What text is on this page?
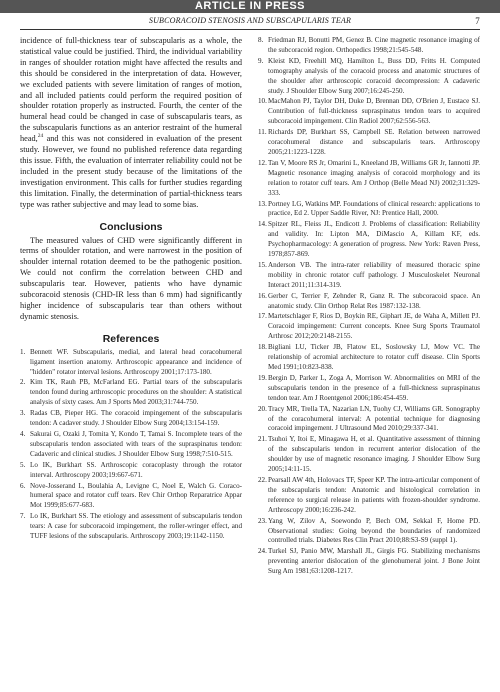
ARTICLE IN PRESS
SUBCORACOID STENOSIS AND SUBSCAPULARIS TEAR	7

incidence of full-thickness tear of subscapularis as a whole, the statistical value could be justified. Third, the individual variability in ranges of shoulder rotation might have affected the results and this should be considered in the interpretation of data. However, we excluded patients with severe limitation of ranges of motion, and all included patients could perform the required position of shoulder rotation properly as instructed. Fourth, the center of the humeral head could be changed in case of subscapularis tears, as the subscapularis functions as an anterior restraint of the humeral head,$^{24}$ and this was not considered in evaluation of the present study. However, we found no published reference data regarding this issue. Fifth, the evaluation of interrater reliability could not be included in the present study because of the limitations of the investigation environment. This calls for further studies regarding this limitation. Finally, the determination of partial-thickness tears type was rather subjective and may lead to some bias.

Conclusions

The measured values of CHD were significantly different in terms of shoulder rotation, and were narrowest in the position of shoulder internal rotation deemed to be the pathogenic position. We could not confirm the correlation between CHD and subscapularis tear. However, patients who have dynamic subcoracoid stenosis (CHD-IR less than 6 mm) had significantly higher incidence of subscapularis tear than others without dynamic stenosis.

References
1. Bennett WF. Subscapularis, medial, and lateral head coracohumeral ligament insertion anatomy. Arthroscopic appearance and incidence of "hidden" rotator interval lesions. Arthroscopy 2001;17:173-180.
2. Kim TK, Rauh PB, McFarland EG. Partial tears of the subscapularis tendon found during arthroscopic procedures on the shoulder: A statistical analysis of sixty cases. Am J Sports Med 2003;31:744-750.
3. Radas CB, Pieper HG. The coracoid impingement of the subscapularis tendon: A cadaver study. J Shoulder Elbow Surg 2004;13:154-159.
4. Sakurai G, Ozaki J, Tomita Y, Kondo T, Tamai S. Incomplete tears of the subscapularis tendon associated with tears of the supraspinatus tendon: Cadaveric and clinical studies. J Shoulder Elbow Surg 1998;7:510-515.
5. Lo IK, Burkhart SS. Arthroscopic coracoplasty through the rotator interval. Arthroscopy 2003;19:667-671.
6. Nove-Josserand L, Boulahia A, Levigne C, Noel E, Walch G. Coraco-humeral space and rotator cuff tears. Rev Chir Orthop Reparatrice Appar Mot 1999;85:677-683.
7. Lo IK, Burkhart SS. The etiology and assessment of subscapularis tendon tears: A case for subcoracoid impingement, the roller-wringer effect, and TUFF lesions of the subscapularis. Arthroscopy 2003;19:1142-1150.
8. Friedman RJ, Bonutti PM, Genez B. Cine magnetic resonance imaging of the subcoracoid region. Orthopedics 1998;21:545-548.
9. Kleist KD, Freehill MQ, Hamilton L, Buss DD, Fritts H. Computed tomography analysis of the coracoid process and anatomic structures of the shoulder after arthroscopic coracoid decompression: A cadaveric study. J Shoulder Elbow Surg 2007;16:245-250.
10. MacMahon PJ, Taylor DH, Duke D, Brennan DD, O'Brien J, Eustace SJ. Contribution of full-thickness supraspinatus tendon tears to acquired subcoracoid impingement. Clin Radiol 2007;62:556-563.
11. Richards DP, Burkhart SS, Campbell SE. Relation between narrowed coracohumeral distance and subscapularis tears. Arthroscopy 2005;21:1223-1228.
12. Tan V, Moore RS Jr, Omarini L, Kneeland JB, Williams GR Jr, Iannotti JP. Magnetic resonance imaging analysis of coracoid morphology and its relation to rotator cuff tears. Am J Orthop (Belle Mead NJ) 2002;31:329-333.
13. Portney LG, Watkins MP. Foundations of clinical research: applications to practice, Ed 2. Upper Saddle River, NJ: Prentice Hall, 2000.
14. Spitzer RL, Fleiss JL, Endicott J. Problems of classification: Reliability and validity. In: Lipton MA, DiMascio A, Killam KF, eds. Psychopharmacology: A generation of progress. New York: Raven Press, 1978;857-869.
15. Anderson VB. The intra-rater reliability of measured thoracic spine mobility in chronic rotator cuff pathology. J Musculoskelet Neuronal Interact 2011;11:314-319.
16. Gerber C, Terrier F, Zehnder R, Ganz R. The subcoracoid space. An anatomic study. Clin Orthop Relat Res 1987:132-138.
17. Martetschlager F, Rios D, Boykin RE, Giphart JE, de Waha A, Millett PJ. Coracoid impingement: Current concepts. Knee Surg Sports Traumatol Arthrosc 2012;20:2148-2155.
18. Bigliani LU, Ticker JB, Flatow EL, Soslowsky LJ, Mow VC. The relationship of acromial architecture to rotator cuff disease. Clin Sports Med 1991;10:823-838.
19. Bergin D, Parker L, Zoga A, Morrison W. Abnormalities on MRI of the subscapularis tendon in the presence of a full-thickness supraspinatus tendon tear. Am J Roentgenol 2006;186:454-459.
20. Tracy MR, Trella TA, Nazarian LN, Tuohy CJ, Williams GR. Sonography of the coracohumeral interval: A potential technique for diagnosing coracoid impingement. J Ultrasound Med 2010;29:337-341.
21. Tsuhoi Y, Itoi E, Minagawa H, et al. Quantitative assessment of thinning of the subscapularis tendon in recurrent anterior dislocation of the shoulder by use of magnetic resonance imaging. J Shoulder Elbow Surg 2005;14:11-15.
22. Pearsall AW 4th, Holovacs TF, Speer KP. The intra-articular component of the subscapularis tendon: Anatomic and histological correlation in reference to surgical release in patients with frozen-shoulder syndrome. Arthroscopy 2000;16:236-242.
23. Yang W, Zilov A, Soewondo P, Bech OM, Sekkal F, Home PD. Observational studies: Going beyond the boundaries of randomized controlled trials. Diabetes Res Clin Pract 2010;88:S3-S9 (suppl 1).
24. Turkel SJ, Panio MW, Marshall JL, Girgis FG. Stabilizing mechanisms preventing anterior dislocation of the glenohumeral joint. J Bone Joint Surg Am 1981;63:1208-1217.
